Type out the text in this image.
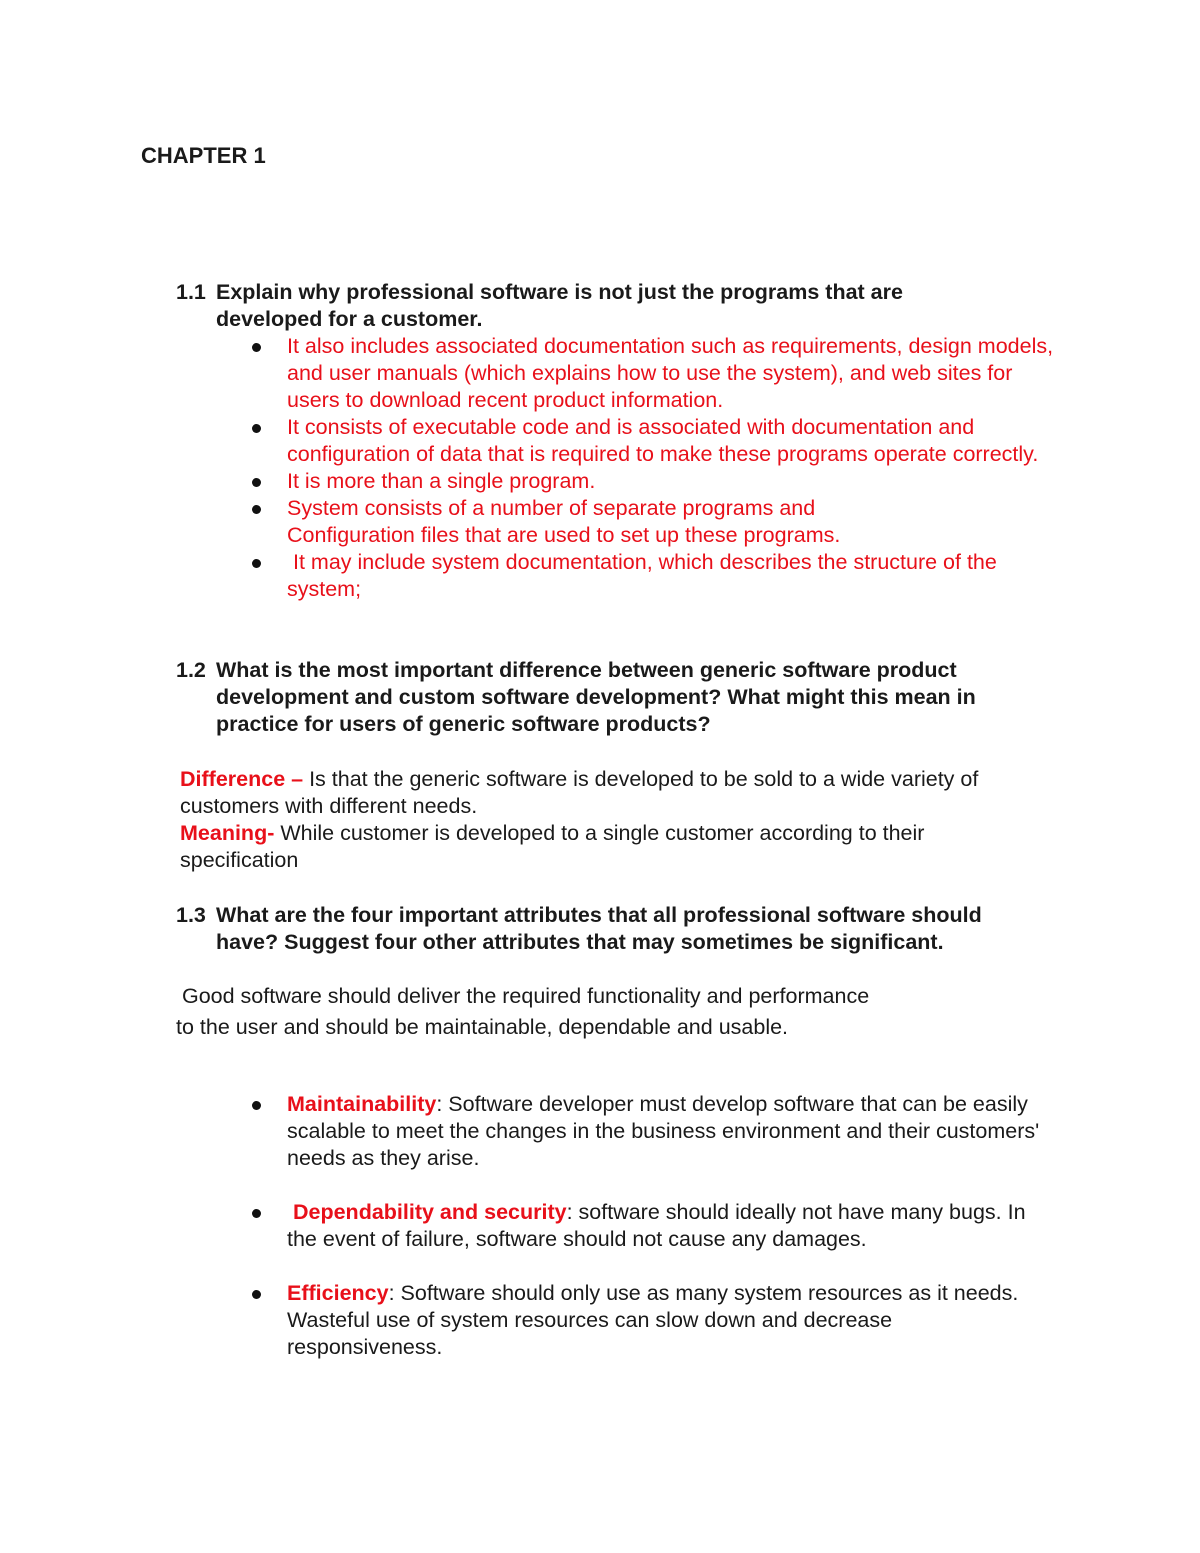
CHAPTER 1
1.1 Explain why professional software is not just the programs that are
developed for a customer.
It also includes associated documentation such as requirements, design models, and user manuals (which explains how to use the system), and web sites for users to download recent product information.
It consists of executable code and is associated with documentation and configuration of data that is required to make these programs operate correctly.
It is more than a single program.
System consists of a number of separate programs and Configuration files that are used to set up these programs.
It may include system documentation, which describes the structure of the system;
1.2 What is the most important difference between generic software product
development and custom software development? What might this mean in
practice for users of generic software products?
Difference – Is that the generic software is developed to be sold to a wide variety of customers with different needs.
Meaning- While customer is developed to a single customer according to their specification
1.3 What are the four important attributes that all professional software should
have? Suggest four other attributes that may sometimes be significant.
Good software should deliver the required functionality and performance
to the user and should be maintainable, dependable and usable.
Maintainability: Software developer must develop software that can be easily scalable to meet the changes in the business environment and their customers' needs as they arise.
Dependability and security: software should ideally not have many bugs. In the event of failure, software should not cause any damages.
Efficiency: Software should only use as many system resources as it needs. Wasteful use of system resources can slow down and decrease responsiveness.
